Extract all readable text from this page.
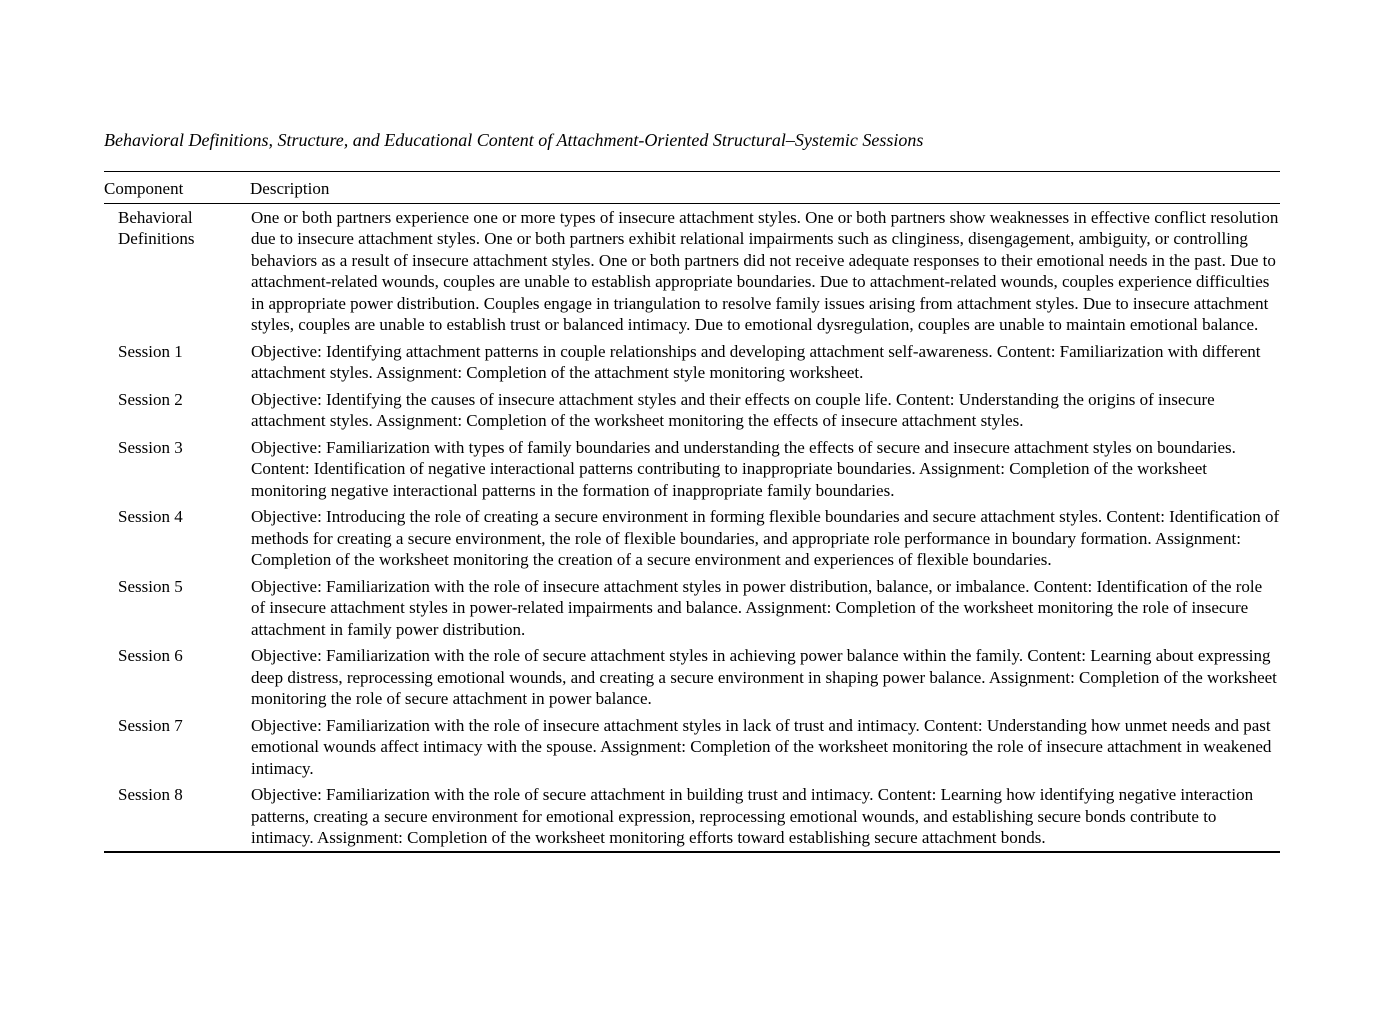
Behavioral Definitions, Structure, and Educational Content of Attachment-Oriented Structural–Systemic Sessions

Component	Description
Behavioral Definitions	One or both partners experience one or more types of insecure attachment styles. One or both partners show weaknesses in effective conflict resolution due to insecure attachment styles. One or both partners exhibit relational impairments such as clinginess, disengagement, ambiguity, or controlling behaviors as a result of insecure attachment styles. One or both partners did not receive adequate responses to their emotional needs in the past. Due to attachment-related wounds, couples are unable to establish appropriate boundaries. Due to attachment-related wounds, couples experience difficulties in appropriate power distribution. Couples engage in triangulation to resolve family issues arising from attachment styles. Due to insecure attachment styles, couples are unable to establish trust or balanced intimacy. Due to emotional dysregulation, couples are unable to maintain emotional balance.
Session 1	Objective: Identifying attachment patterns in couple relationships and developing attachment self-awareness. Content: Familiarization with different attachment styles. Assignment: Completion of the attachment style monitoring worksheet.
Session 2	Objective: Identifying the causes of insecure attachment styles and their effects on couple life. Content: Understanding the origins of insecure attachment styles. Assignment: Completion of the worksheet monitoring the effects of insecure attachment styles.
Session 3	Objective: Familiarization with types of family boundaries and understanding the effects of secure and insecure attachment styles on boundaries. Content: Identification of negative interactional patterns contributing to inappropriate boundaries. Assignment: Completion of the worksheet monitoring negative interactional patterns in the formation of inappropriate family boundaries.
Session 4	Objective: Introducing the role of creating a secure environment in forming flexible boundaries and secure attachment styles. Content: Identification of methods for creating a secure environment, the role of flexible boundaries, and appropriate role performance in boundary formation. Assignment: Completion of the worksheet monitoring the creation of a secure environment and experiences of flexible boundaries.
Session 5	Objective: Familiarization with the role of insecure attachment styles in power distribution, balance, or imbalance. Content: Identification of the role of insecure attachment styles in power-related impairments and balance. Assignment: Completion of the worksheet monitoring the role of insecure attachment in family power distribution.
Session 6	Objective: Familiarization with the role of secure attachment styles in achieving power balance within the family. Content: Learning about expressing deep distress, reprocessing emotional wounds, and creating a secure environment in shaping power balance. Assignment: Completion of the worksheet monitoring the role of secure attachment in power balance.
Session 7	Objective: Familiarization with the role of insecure attachment styles in lack of trust and intimacy. Content: Understanding how unmet needs and past emotional wounds affect intimacy with the spouse. Assignment: Completion of the worksheet monitoring the role of insecure attachment in weakened intimacy.
Session 8	Objective: Familiarization with the role of secure attachment in building trust and intimacy. Content: Learning how identifying negative interaction patterns, creating a secure environment for emotional expression, reprocessing emotional wounds, and establishing secure bonds contribute to intimacy. Assignment: Completion of the worksheet monitoring efforts toward establishing secure attachment bonds.
